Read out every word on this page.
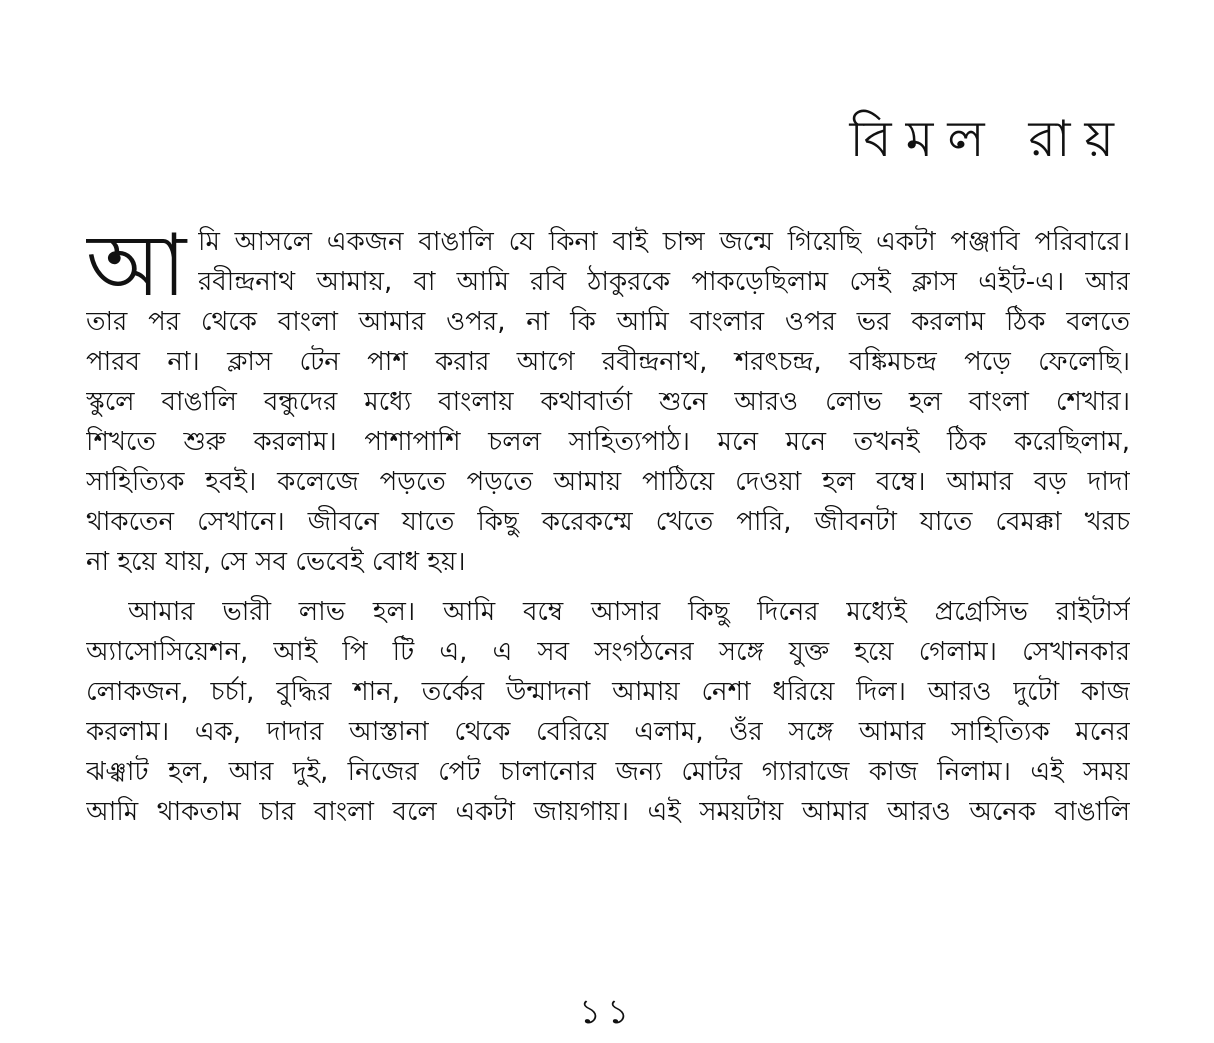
বিমল রায়
আ মি আসলে একজন বাঙালি যে কিনা বাই চান্স জন্মে গিয়েছি একটা পঞ্জাবি পরিবারে।
রবীন্দ্রনাথ আমায়, বা আমি রবি ঠাকুরকে পাকড়েছিলাম সেই ক্লাস এইট-এ। আর
তার পর থেকে বাংলা আমার ওপর, না কি আমি বাংলার ওপর ভর করলাম ঠিক বলতে
পারব না। ক্লাস টেন পাশ করার আগে রবীন্দ্রনাথ, শরৎচন্দ্র, বঙ্কিমচন্দ্র পড়ে ফেলেছি।
স্কুলে বাঙালি বন্ধুদের মধ্যে বাংলায় কথাবার্তা শুনে আরও লোভ হল বাংলা শেখার।
শিখতে শুরু করলাম। পাশাপাশি চলল সাহিত্যপাঠ। মনে মনে তখনই ঠিক করেছিলাম,
সাহিত্যিক হবই। কলেজে পড়তে পড়তে আমায় পাঠিয়ে দেওয়া হল বম্বে। আমার বড় দাদা
থাকতেন সেখানে। জীবনে যাতে কিছু করেকম্মে খেতে পারি, জীবনটা যাতে বেমক্কা খরচ
না হয়ে যায়, সে সব ভেবেই বোধ হয়।
আমার ভারী লাভ হল। আমি বম্বে আসার কিছু দিনের মধ্যেই প্রগ্রেসিভ রাইটার্স
অ্যাসোসিয়েশন, আই পি টি এ, এ সব সংগঠনের সঙ্গে যুক্ত হয়ে গেলাম। সেখানকার
লোকজন, চর্চা, বুদ্ধির শান, তর্কের উন্মাদনা আমায় নেশা ধরিয়ে দিল। আরও দুটো কাজ
করলাম। এক, দাদার আস্তানা থেকে বেরিয়ে এলাম, ওঁর সঙ্গে আমার সাহিত্যিক মনের
ঝঞ্ঝাট হল, আর দুই, নিজের পেট চালানোর জন্য মোটর গ্যারাজে কাজ নিলাম। এই সময়
আমি থাকতাম চার বাংলা বলে একটা জায়গায়। এই সময়টায় আমার আরও অনেক বাঙালি

১১
